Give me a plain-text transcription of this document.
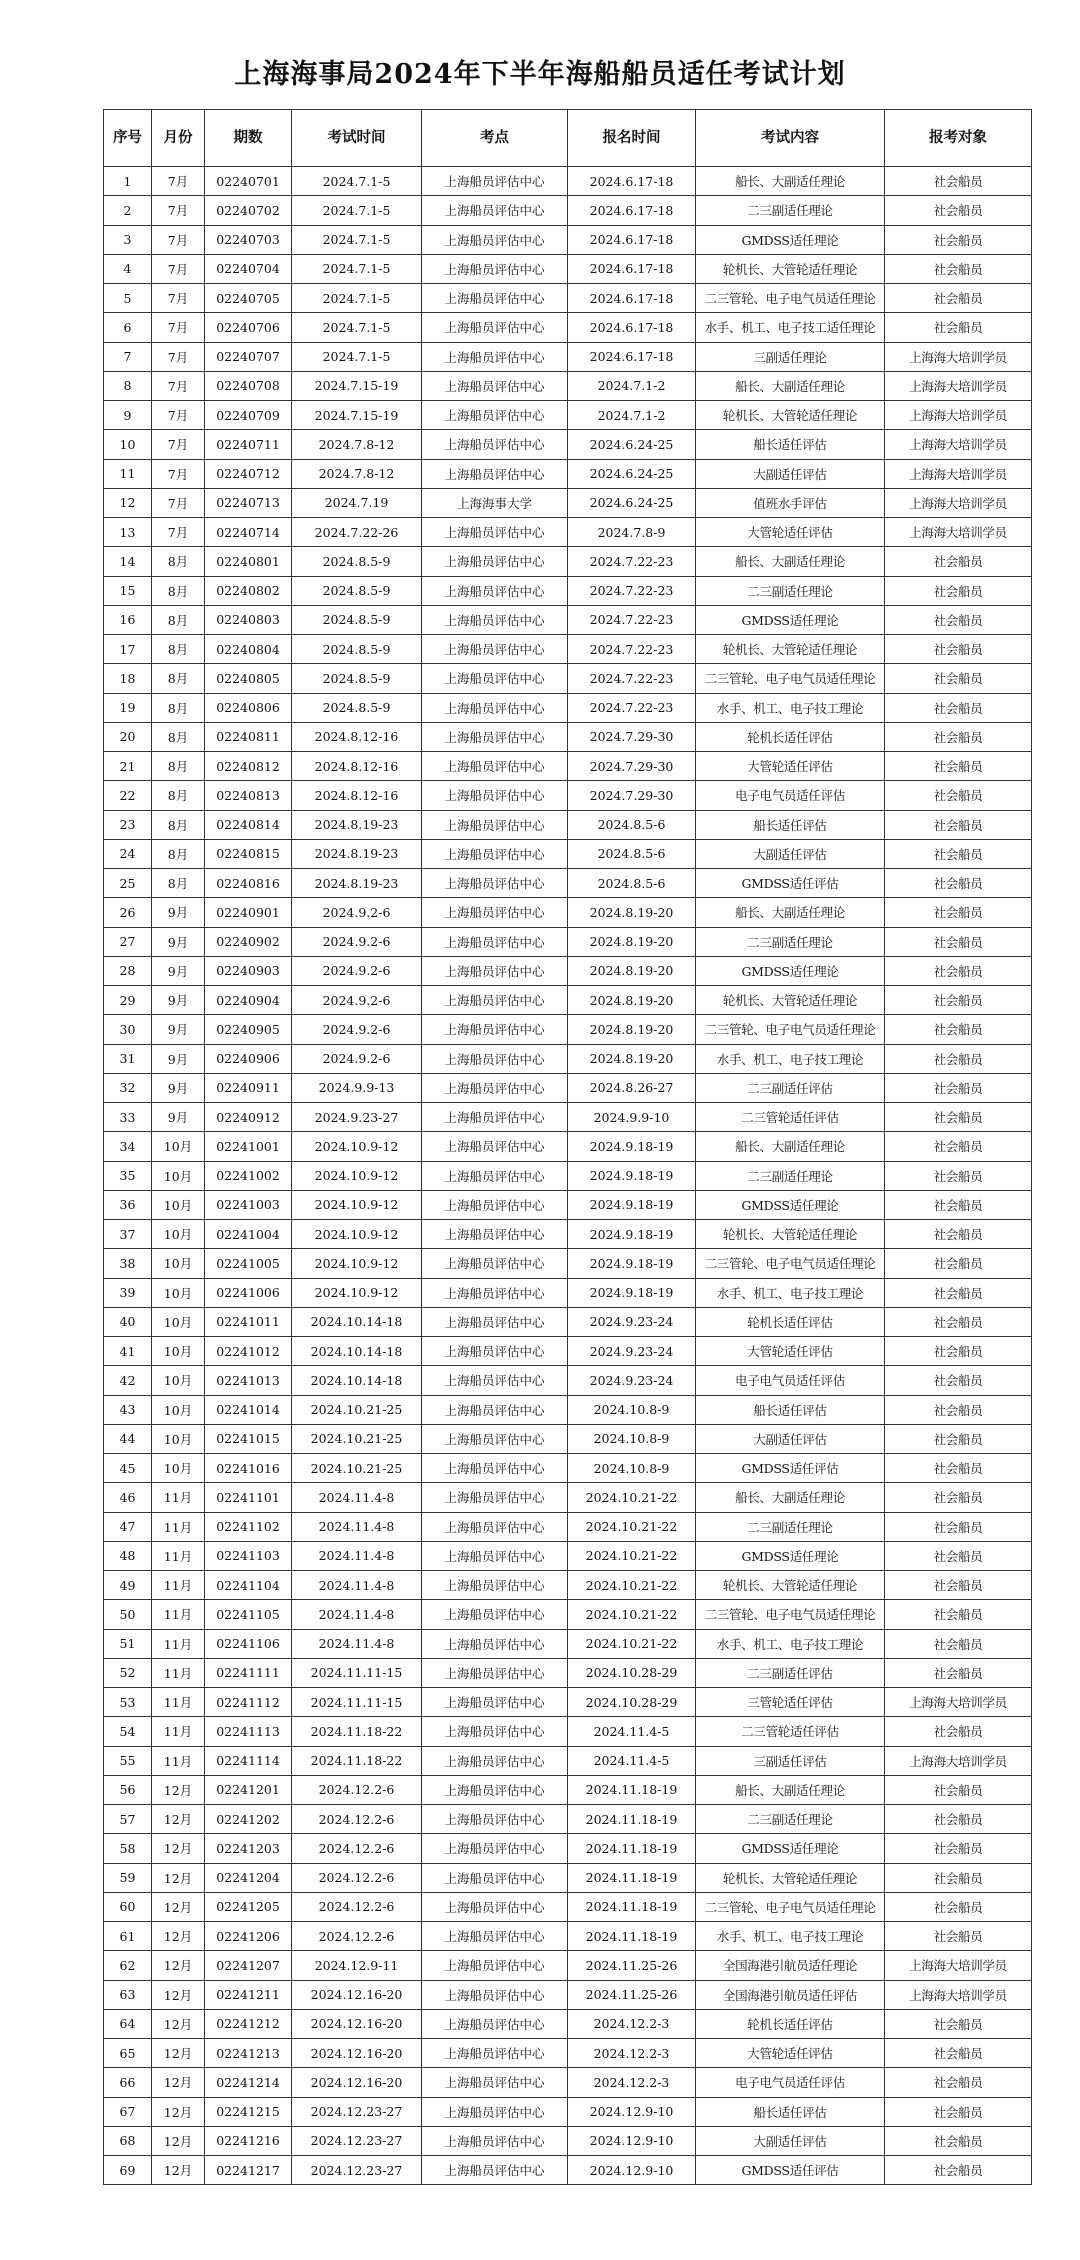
上海海事局2024年下半年海船船员适任考试计划
序号	月份	期数	考试时间	考点	报名时间	考试内容	报考对象
1	7月	02240701	2024.7.1-5	上海船员评估中心	2024.6.17-18	船长、大副适任理论	社会船员
2	7月	02240702	2024.7.1-5	上海船员评估中心	2024.6.17-18	二三副适任理论	社会船员
3	7月	02240703	2024.7.1-5	上海船员评估中心	2024.6.17-18	GMDSS适任理论	社会船员
4	7月	02240704	2024.7.1-5	上海船员评估中心	2024.6.17-18	轮机长、大管轮适任理论	社会船员
5	7月	02240705	2024.7.1-5	上海船员评估中心	2024.6.17-18	二三管轮、电子电气员适任理论	社会船员
6	7月	02240706	2024.7.1-5	上海船员评估中心	2024.6.17-18	水手、机工、电子技工适任理论	社会船员
7	7月	02240707	2024.7.1-5	上海船员评估中心	2024.6.17-18	三副适任理论	上海海大培训学员
8	7月	02240708	2024.7.15-19	上海船员评估中心	2024.7.1-2	船长、大副适任理论	上海海大培训学员
9	7月	02240709	2024.7.15-19	上海船员评估中心	2024.7.1-2	轮机长、大管轮适任理论	上海海大培训学员
10	7月	02240711	2024.7.8-12	上海船员评估中心	2024.6.24-25	船长适任评估	上海海大培训学员
11	7月	02240712	2024.7.8-12	上海船员评估中心	2024.6.24-25	大副适任评估	上海海大培训学员
12	7月	02240713	2024.7.19	上海海事大学	2024.6.24-25	值班水手评估	上海海大培训学员
13	7月	02240714	2024.7.22-26	上海船员评估中心	2024.7.8-9	大管轮适任评估	上海海大培训学员
14	8月	02240801	2024.8.5-9	上海船员评估中心	2024.7.22-23	船长、大副适任理论	社会船员
15	8月	02240802	2024.8.5-9	上海船员评估中心	2024.7.22-23	二三副适任理论	社会船员
16	8月	02240803	2024.8.5-9	上海船员评估中心	2024.7.22-23	GMDSS适任理论	社会船员
17	8月	02240804	2024.8.5-9	上海船员评估中心	2024.7.22-23	轮机长、大管轮适任理论	社会船员
18	8月	02240805	2024.8.5-9	上海船员评估中心	2024.7.22-23	二三管轮、电子电气员适任理论	社会船员
19	8月	02240806	2024.8.5-9	上海船员评估中心	2024.7.22-23	水手、机工、电子技工理论	社会船员
20	8月	02240811	2024.8.12-16	上海船员评估中心	2024.7.29-30	轮机长适任评估	社会船员
21	8月	02240812	2024.8.12-16	上海船员评估中心	2024.7.29-30	大管轮适任评估	社会船员
22	8月	02240813	2024.8.12-16	上海船员评估中心	2024.7.29-30	电子电气员适任评估	社会船员
23	8月	02240814	2024.8.19-23	上海船员评估中心	2024.8.5-6	船长适任评估	社会船员
24	8月	02240815	2024.8.19-23	上海船员评估中心	2024.8.5-6	大副适任评估	社会船员
25	8月	02240816	2024.8.19-23	上海船员评估中心	2024.8.5-6	GMDSS适任评估	社会船员
26	9月	02240901	2024.9.2-6	上海船员评估中心	2024.8.19-20	船长、大副适任理论	社会船员
27	9月	02240902	2024.9.2-6	上海船员评估中心	2024.8.19-20	二三副适任理论	社会船员
28	9月	02240903	2024.9.2-6	上海船员评估中心	2024.8.19-20	GMDSS适任理论	社会船员
29	9月	02240904	2024.9.2-6	上海船员评估中心	2024.8.19-20	轮机长、大管轮适任理论	社会船员
30	9月	02240905	2024.9.2-6	上海船员评估中心	2024.8.19-20	二三管轮、电子电气员适任理论	社会船员
31	9月	02240906	2024.9.2-6	上海船员评估中心	2024.8.19-20	水手、机工、电子技工理论	社会船员
32	9月	02240911	2024.9.9-13	上海船员评估中心	2024.8.26-27	二三副适任评估	社会船员
33	9月	02240912	2024.9.23-27	上海船员评估中心	2024.9.9-10	二三管轮适任评估	社会船员
34	10月	02241001	2024.10.9-12	上海船员评估中心	2024.9.18-19	船长、大副适任理论	社会船员
35	10月	02241002	2024.10.9-12	上海船员评估中心	2024.9.18-19	二三副适任理论	社会船员
36	10月	02241003	2024.10.9-12	上海船员评估中心	2024.9.18-19	GMDSS适任理论	社会船员
37	10月	02241004	2024.10.9-12	上海船员评估中心	2024.9.18-19	轮机长、大管轮适任理论	社会船员
38	10月	02241005	2024.10.9-12	上海船员评估中心	2024.9.18-19	二三管轮、电子电气员适任理论	社会船员
39	10月	02241006	2024.10.9-12	上海船员评估中心	2024.9.18-19	水手、机工、电子技工理论	社会船员
40	10月	02241011	2024.10.14-18	上海船员评估中心	2024.9.23-24	轮机长适任评估	社会船员
41	10月	02241012	2024.10.14-18	上海船员评估中心	2024.9.23-24	大管轮适任评估	社会船员
42	10月	02241013	2024.10.14-18	上海船员评估中心	2024.9.23-24	电子电气员适任评估	社会船员
43	10月	02241014	2024.10.21-25	上海船员评估中心	2024.10.8-9	船长适任评估	社会船员
44	10月	02241015	2024.10.21-25	上海船员评估中心	2024.10.8-9	大副适任评估	社会船员
45	10月	02241016	2024.10.21-25	上海船员评估中心	2024.10.8-9	GMDSS适任评估	社会船员
46	11月	02241101	2024.11.4-8	上海船员评估中心	2024.10.21-22	船长、大副适任理论	社会船员
47	11月	02241102	2024.11.4-8	上海船员评估中心	2024.10.21-22	二三副适任理论	社会船员
48	11月	02241103	2024.11.4-8	上海船员评估中心	2024.10.21-22	GMDSS适任理论	社会船员
49	11月	02241104	2024.11.4-8	上海船员评估中心	2024.10.21-22	轮机长、大管轮适任理论	社会船员
50	11月	02241105	2024.11.4-8	上海船员评估中心	2024.10.21-22	二三管轮、电子电气员适任理论	社会船员
51	11月	02241106	2024.11.4-8	上海船员评估中心	2024.10.21-22	水手、机工、电子技工理论	社会船员
52	11月	02241111	2024.11.11-15	上海船员评估中心	2024.10.28-29	二三副适任评估	社会船员
53	11月	02241112	2024.11.11-15	上海船员评估中心	2024.10.28-29	三管轮适任评估	上海海大培训学员
54	11月	02241113	2024.11.18-22	上海船员评估中心	2024.11.4-5	二三管轮适任评估	社会船员
55	11月	02241114	2024.11.18-22	上海船员评估中心	2024.11.4-5	三副适任评估	上海海大培训学员
56	12月	02241201	2024.12.2-6	上海船员评估中心	2024.11.18-19	船长、大副适任理论	社会船员
57	12月	02241202	2024.12.2-6	上海船员评估中心	2024.11.18-19	二三副适任理论	社会船员
58	12月	02241203	2024.12.2-6	上海船员评估中心	2024.11.18-19	GMDSS适任理论	社会船员
59	12月	02241204	2024.12.2-6	上海船员评估中心	2024.11.18-19	轮机长、大管轮适任理论	社会船员
60	12月	02241205	2024.12.2-6	上海船员评估中心	2024.11.18-19	二三管轮、电子电气员适任理论	社会船员
61	12月	02241206	2024.12.2-6	上海船员评估中心	2024.11.18-19	水手、机工、电子技工理论	社会船员
62	12月	02241207	2024.12.9-11	上海船员评估中心	2024.11.25-26	全国海港引航员适任理论	上海海大培训学员
63	12月	02241211	2024.12.16-20	上海船员评估中心	2024.11.25-26	全国海港引航员适任评估	上海海大培训学员
64	12月	02241212	2024.12.16-20	上海船员评估中心	2024.12.2-3	轮机长适任评估	社会船员
65	12月	02241213	2024.12.16-20	上海船员评估中心	2024.12.2-3	大管轮适任评估	社会船员
66	12月	02241214	2024.12.16-20	上海船员评估中心	2024.12.2-3	电子电气员适任评估	社会船员
67	12月	02241215	2024.12.23-27	上海船员评估中心	2024.12.9-10	船长适任评估	社会船员
68	12月	02241216	2024.12.23-27	上海船员评估中心	2024.12.9-10	大副适任评估	社会船员
69	12月	02241217	2024.12.23-27	上海船员评估中心	2024.12.9-10	GMDSS适任评估	社会船员
